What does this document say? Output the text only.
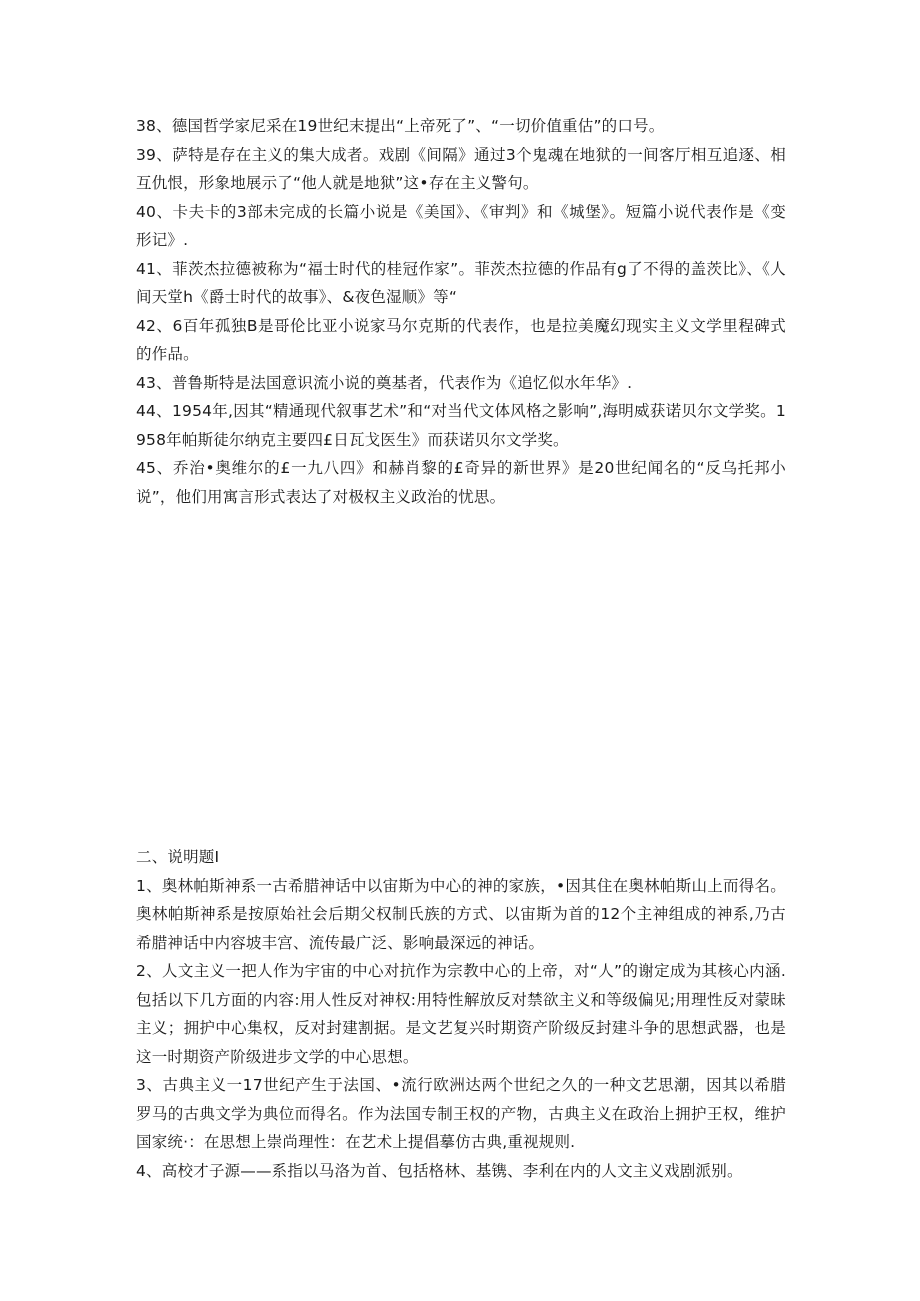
38、德国哲学家尼采在19世纪末提出“上帝死了”、“一切价值重估”的口号。

39、萨特是存在主义的集大成者。戏剧《间隔》通过3个鬼魂在地狱的一间客厅相互追逐、相互仇恨，形象地展示了“他人就是地狱”这•存在主义警句。

40、卡夫卡的3部未完成的长篇小说是《美国》、《审判》和《城堡》。短篇小说代表作是《变形记》.

41、菲茨杰拉德被称为“福士时代的桂冠作家”。菲茨杰拉德的作品有g了不得的盖茨比》、《人间天堂h《爵士时代的故事》、&夜色湿顺》等“

42、6百年孤独B是哥伦比亚小说家马尔克斯的代表作，也是拉美魔幻现实主义文学里程碑式的作品。

43、普鲁斯特是法国意识流小说的奠基者，代表作为《追忆似水年华》.

44、1954年,因其“精通现代叙事艺术”和“对当代文体风格之影响”,海明威获诺贝尔文学奖。1958年帕斯徒尔纳克主要四£日瓦戈医生》而获诺贝尔文学奖。

45、乔治•奥维尔的£一九八四》和赫肖黎的£奇异的新世界》是20世纪闻名的“反乌托邦小说”，他们用寓言形式表达了对极权主义政治的忧思。

二、说明题I

1、奥林帕斯神系一古希腊神话中以宙斯为中心的神的家族，•因其住在奥林帕斯山上而得名。奥林帕斯神系是按原始社会后期父权制氏族的方式、以宙斯为首的12个主神组成的神系,乃古希腊神话中内容坡丰宫、流传最广泛、影响最深远的神话。

2、人文主义一把人作为宇宙的中心对抗作为宗教中心的上帝，对“人”的谢定成为其核心内涵.包括以下几方面的内容:用人性反对神权:用特性解放反对禁欲主义和等级偏见;用理性反对蒙昧主义；拥护中心集权，反对封建割据。是文艺复兴时期资产阶级反封建斗争的思想武器，也是这一时期资产阶级进步文学的中心思想。

3、古典主义一17世纪产生于法国、•流行欧洲达两个世纪之久的一种文艺思潮，因其以希腊罗马的古典文学为典位而得名。作为法国专制王权的产物，古典主义在政治上拥护王权，维护国家统·：在思想上崇尚理性：在艺术上提倡摹仿古典,重视规则.

4、高校才子源——系指以马洛为首、包括格林、基镌、李利在内的人文主义戏剧派别。
